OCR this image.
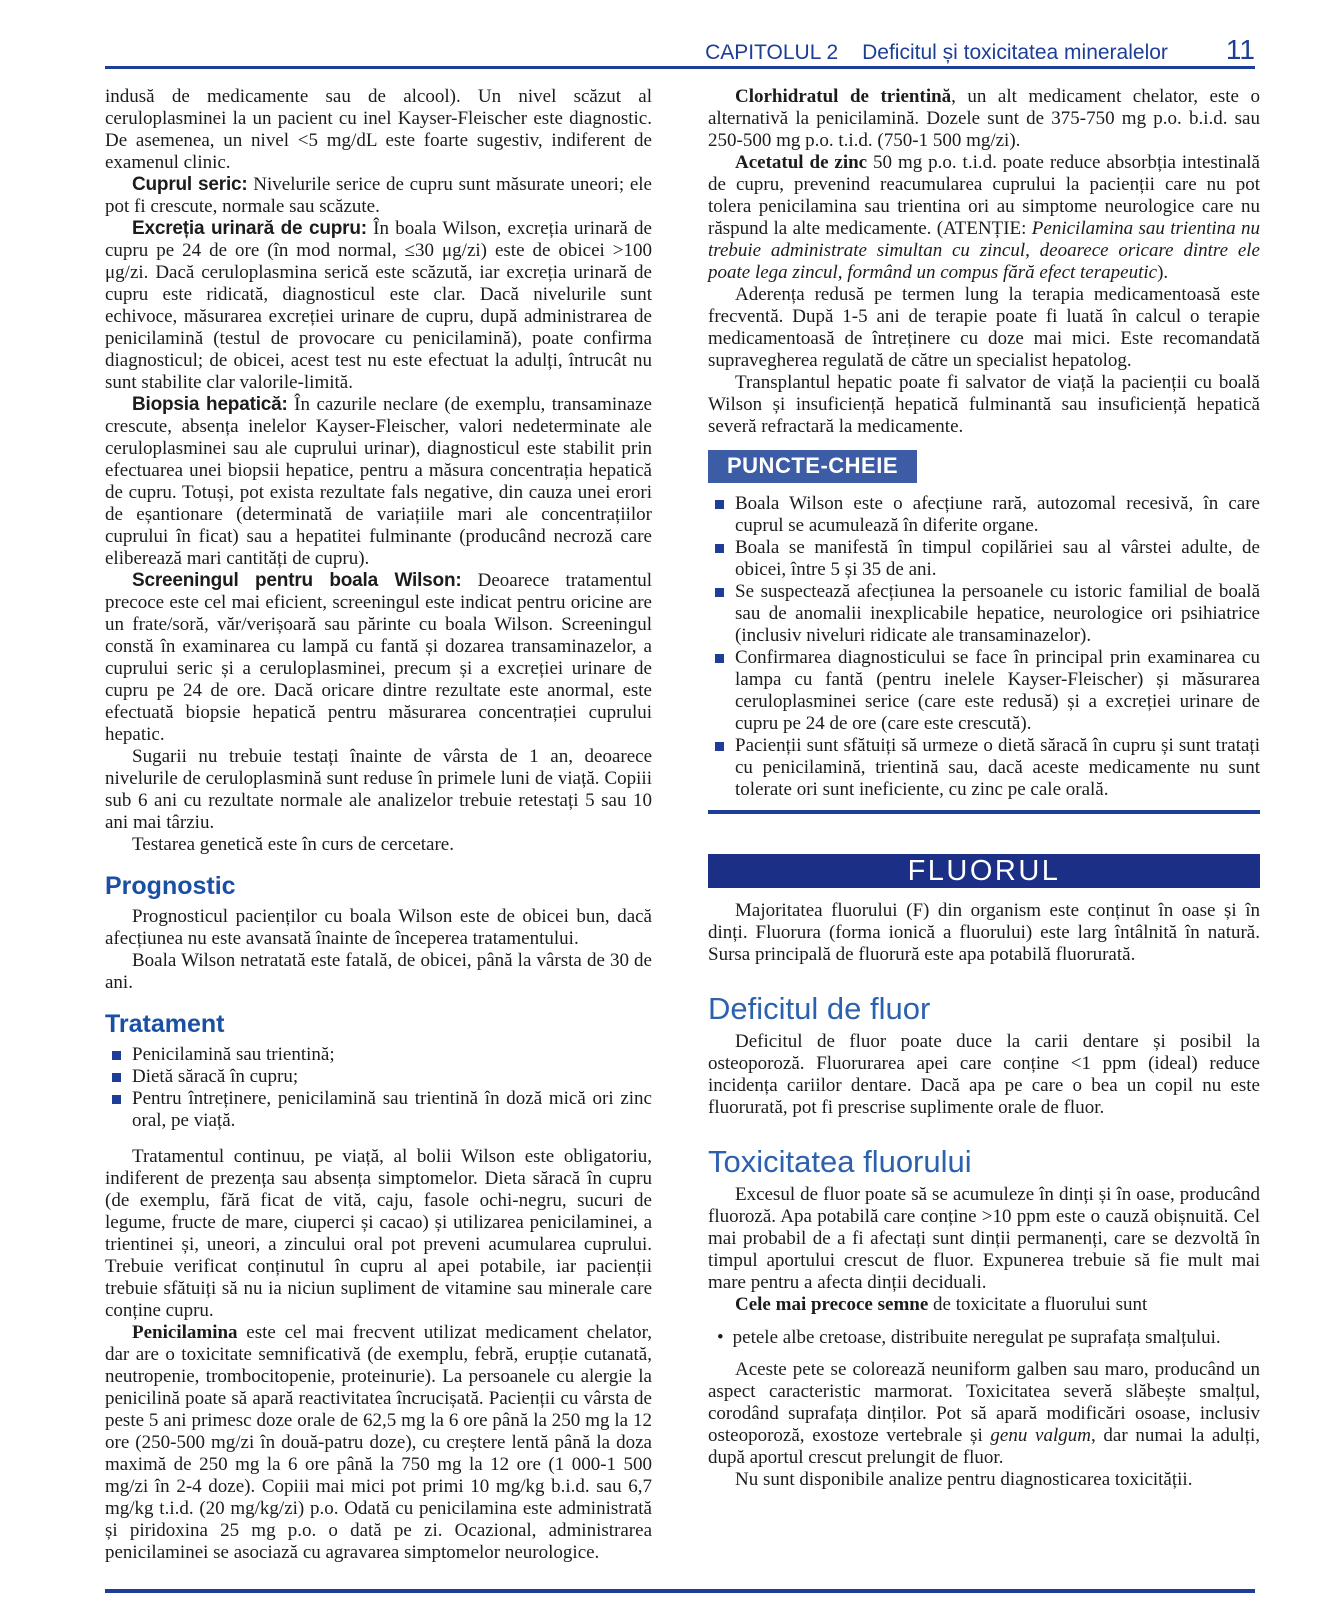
CAPITOLUL 2 Deficitul și toxicitatea mineralelor 11

indusă de medicamente sau de alcool). Un nivel scăzut al ceruloplasminei la un pacient cu inel Kayser-Fleischer este diagnostic. De asemenea, un nivel <5 mg/dL este foarte sugestiv, indiferent de examenul clinic.

Cuprul seric: Nivelurile serice de cupru sunt măsurate uneori; ele pot fi crescute, normale sau scăzute.

Excreția urinară de cupru: În boala Wilson, excreția urinară de cupru pe 24 de ore (în mod normal, ≤30 μg/zi) este de obicei >100 μg/zi. Dacă ceruloplasmina serică este scăzută, iar excreția urinară de cupru este ridicată, diagnosticul este clar. Dacă nivelurile sunt echivoce, măsurarea excreției urinare de cupru, după administrarea de penicilamină (testul de provocare cu penicilamină), poate confirma diagnosticul; de obicei, acest test nu este efectuat la adulți, întrucât nu sunt stabilite clar valorile-limită.

Biopsia hepatică: În cazurile neclare (de exemplu, transaminaze crescute, absența inelelor Kayser-Fleischer, valori nedeterminate ale ceruloplasminei sau ale cuprului urinar), diagnosticul este stabilit prin efectuarea unei biopsii hepatice, pentru a măsura concentrația hepatică de cupru. Totuși, pot exista rezultate fals negative, din cauza unei erori de eșantionare (determinată de variațiile mari ale concentrațiilor cuprului în ficat) sau a hepatitei fulminante (producând necroză care eliberează mari cantități de cupru).

Screeningul pentru boala Wilson: Deoarece tratamentul precoce este cel mai eficient, screeningul este indicat pentru oricine are un frate/soră, văr/verișoară sau părinte cu boala Wilson. Screeningul constă în examinarea cu lampă cu fantă și dozarea transaminazelor, a cuprului seric și a ceruloplasminei, precum și a excreției urinare de cupru pe 24 de ore. Dacă oricare dintre rezultate este anormal, este efectuată biopsie hepatică pentru măsurarea concentrației cuprului hepatic.

Sugarii nu trebuie testați înainte de vârsta de 1 an, deoarece nivelurile de ceruloplasmină sunt reduse în primele luni de viață. Copiii sub 6 ani cu rezultate normale ale analizelor trebuie retestați 5 sau 10 ani mai târziu.

Testarea genetică este în curs de cercetare.

Prognostic

Prognosticul pacienților cu boala Wilson este de obicei bun, dacă afecțiunea nu este avansată înainte de începerea tratamentului.

Boala Wilson netratată este fatală, de obicei, până la vârsta de 30 de ani.

Tratament
Penicilamină sau trientină;
Dietă săracă în cupru;
Pentru întreținere, penicilamină sau trientină în doză mică ori zinc oral, pe viață.

Tratamentul continuu, pe viață, al bolii Wilson este obligatoriu, indiferent de prezența sau absența simptomelor. Dieta săracă în cupru (de exemplu, fără ficat de vită, caju, fasole ochi-negru, sucuri de legume, fructe de mare, ciuperci și cacao) și utilizarea penicilaminei, a trientinei și, uneori, a zincului oral pot preveni acumularea cuprului. Trebuie verificat conținutul în cupru al apei potabile, iar pacienții trebuie sfătuiți să nu ia niciun supliment de vitamine sau minerale care conține cupru.

Penicilamina este cel mai frecvent utilizat medicament chelator, dar are o toxicitate semnificativă (de exemplu, febră, erupție cutanată, neutropenie, trombocitopenie, proteinurie). La persoanele cu alergie la penicilină poate să apară reactivitatea încrucișată. Pacienții cu vârsta de peste 5 ani primesc doze orale de 62,5 mg la 6 ore până la 250 mg la 12 ore (250-500 mg/zi în două-patru doze), cu creștere lentă până la doza maximă de 250 mg la 6 ore până la 750 mg la 12 ore (1 000-1 500 mg/zi în 2-4 doze). Copiii mai mici pot primi 10 mg/kg b.i.d. sau 6,7 mg/kg t.i.d. (20 mg/kg/zi) p.o. Odată cu penicilamina este administrată și piridoxina 25 mg p.o. o dată pe zi. Ocazional, administrarea penicilaminei se asociază cu agravarea simptomelor neurologice.

Clorhidratul de trientină, un alt medicament chelator, este o alternativă la penicilamină. Dozele sunt de 375-750 mg p.o. b.i.d. sau 250-500 mg p.o. t.i.d. (750-1 500 mg/zi).

Acetatul de zinc 50 mg p.o. t.i.d. poate reduce absorbția intestinală de cupru, prevenind reacumularea cuprului la pacienții care nu pot tolera penicilamina sau trientina ori au simptome neurologice care nu răspund la alte medicamente. (ATENȚIE: Penicilamina sau trientina nu trebuie administrate simultan cu zincul, deoarece oricare dintre ele poate lega zincul, formând un compus fără efect terapeutic).

Aderența redusă pe termen lung la terapia medicamentoasă este frecventă. După 1-5 ani de terapie poate fi luată în calcul o terapie medicamentoasă de întreținere cu doze mai mici. Este recomandată supravegherea regulată de către un specialist hepatolog.

Transplantul hepatic poate fi salvator de viață la pacienții cu boală Wilson și insuficiență hepatică fulminantă sau insuficiență hepatică severă refractară la medicamente.

PUNCTE-CHEIE
Boala Wilson este o afecțiune rară, autozomal recesivă, în care cuprul se acumulează în diferite organe.
Boala se manifestă în timpul copilăriei sau al vârstei adulte, de obicei, între 5 și 35 de ani.
Se suspectează afecțiunea la persoanele cu istoric familial de boală sau de anomalii inexplicabile hepatice, neurologice ori psihiatrice (inclusiv niveluri ridicate ale transaminazelor).
Confirmarea diagnosticului se face în principal prin examinarea cu lampa cu fantă (pentru inelele Kayser-Fleischer) și măsurarea ceruloplasminei serice (care este redusă) și a excreției urinare de cupru pe 24 de ore (care este crescută).
Pacienții sunt sfătuiți să urmeze o dietă săracă în cupru și sunt tratați cu penicilamină, trientină sau, dacă aceste medicamente nu sunt tolerate ori sunt ineficiente, cu zinc pe cale orală.
FLUORUL

Majoritatea fluorului (F) din organism este conținut în oase și în dinți. Fluorura (forma ionică a fluorului) este larg întâlnită în natură. Sursa principală de fluorură este apa potabilă fluorurată.

Deficitul de fluor

Deficitul de fluor poate duce la carii dentare și posibil la osteoporoză. Fluorurarea apei care conține <1 ppm (ideal) reduce incidența cariilor dentare. Dacă apa pe care o bea un copil nu este fluorurată, pot fi prescrise suplimente orale de fluor.

Toxicitatea fluorului

Excesul de fluor poate să se acumuleze în dinți și în oase, producând fluoroză. Apa potabilă care conține >10 ppm este o cauză obișnuită. Cel mai probabil de a fi afectați sunt dinții permanenți, care se dezvoltă în timpul aportului crescut de fluor. Expunerea trebuie să fie mult mai mare pentru a afecta dinții deciduali.

Cele mai precoce semne de toxicitate a fluorului sunt

• petele albe cretoase, distribuite neregulat pe suprafața smalțului.

Aceste pete se colorează neuniform galben sau maro, producând un aspect caracteristic marmorat. Toxicitatea severă slăbește smalțul, corodând suprafața dinților. Pot să apară modificări osoase, inclusiv osteoporoză, exostoze vertebrale și genu valgum, dar numai la adulți, după aportul crescut prelungit de fluor.

Nu sunt disponibile analize pentru diagnosticarea toxicității.
